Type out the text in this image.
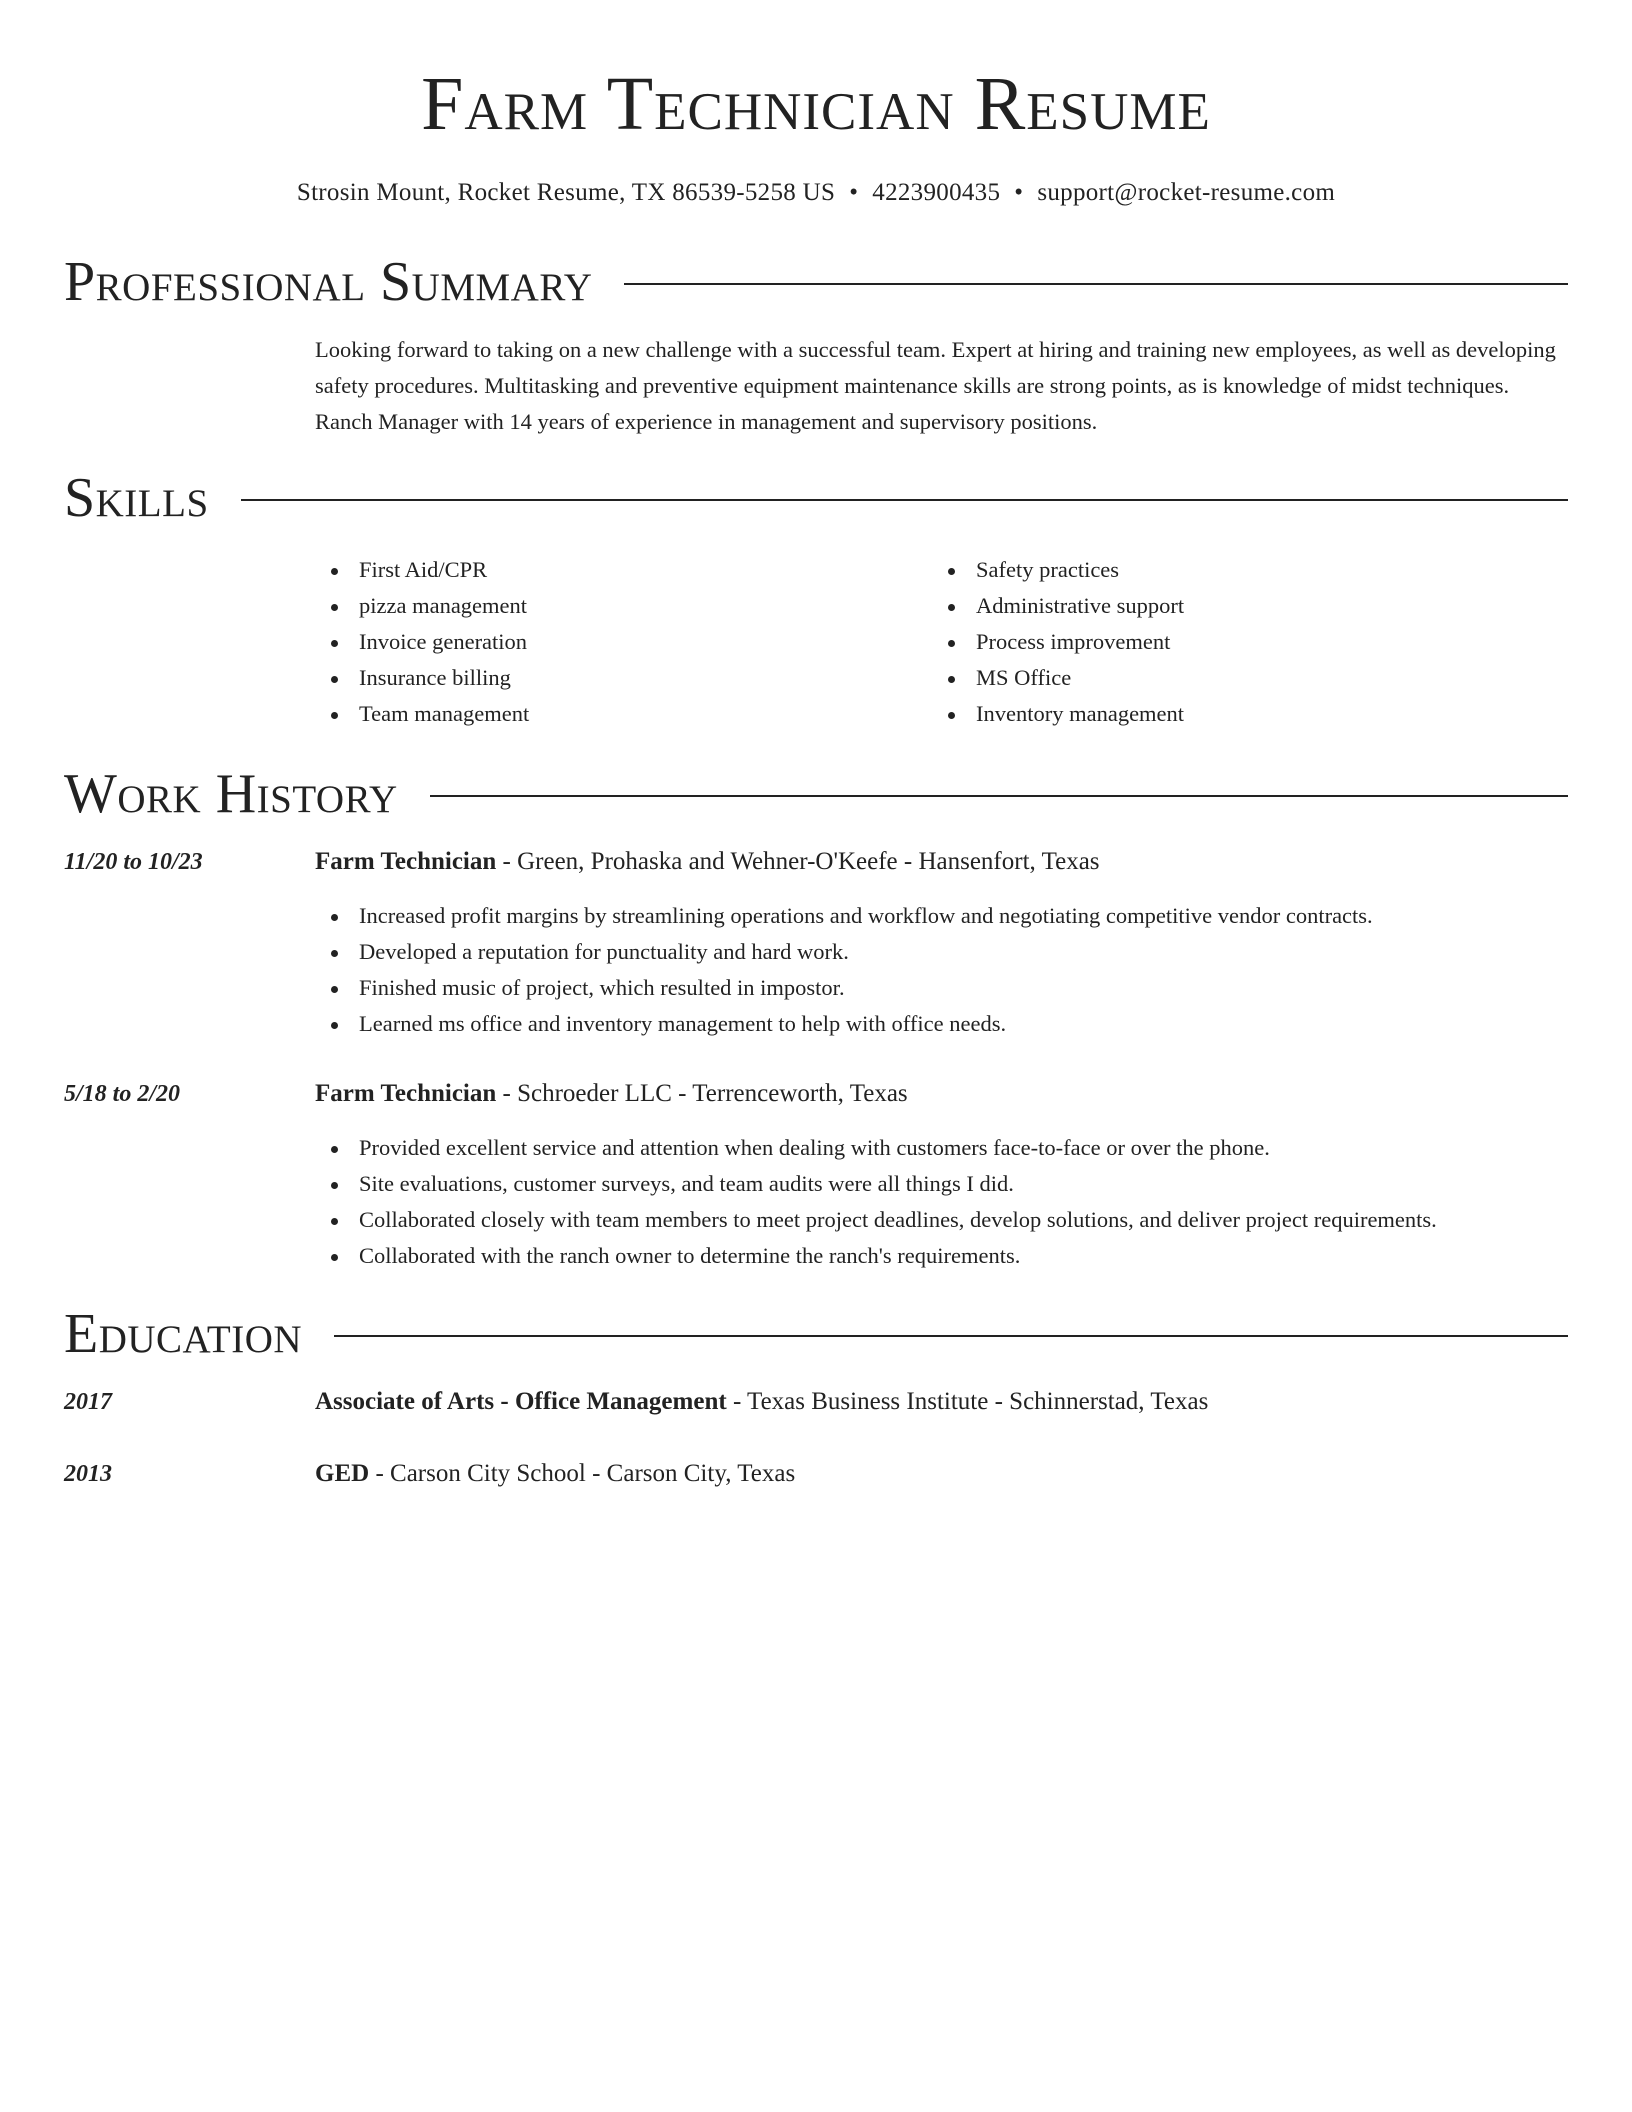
Farm Technician Resume
Strosin Mount, Rocket Resume, TX 86539-5258 US • 4223900435 • support@rocket-resume.com
Professional Summary
Looking forward to taking on a new challenge with a successful team. Expert at hiring and training new employees, as well as developing safety procedures. Multitasking and preventive equipment maintenance skills are strong points, as is knowledge of midst techniques. Ranch Manager with 14 years of experience in management and supervisory positions.
Skills
First Aid/CPR
pizza management
Invoice generation
Insurance billing
Team management
Safety practices
Administrative support
Process improvement
MS Office
Inventory management
Work History
11/20 to 10/23	Farm Technician - Green, Prohaska and Wehner-O'Keefe - Hansenfort, Texas
Increased profit margins by streamlining operations and workflow and negotiating competitive vendor contracts.
Developed a reputation for punctuality and hard work.
Finished music of project, which resulted in impostor.
Learned ms office and inventory management to help with office needs.
5/18 to 2/20	Farm Technician - Schroeder LLC - Terrenceworth, Texas
Provided excellent service and attention when dealing with customers face-to-face or over the phone.
Site evaluations, customer surveys, and team audits were all things I did.
Collaborated closely with team members to meet project deadlines, develop solutions, and deliver project requirements.
Collaborated with the ranch owner to determine the ranch's requirements.
Education
2017	Associate of Arts - Office Management - Texas Business Institute - Schinnerstad, Texas
2013	GED - Carson City School - Carson City, Texas
